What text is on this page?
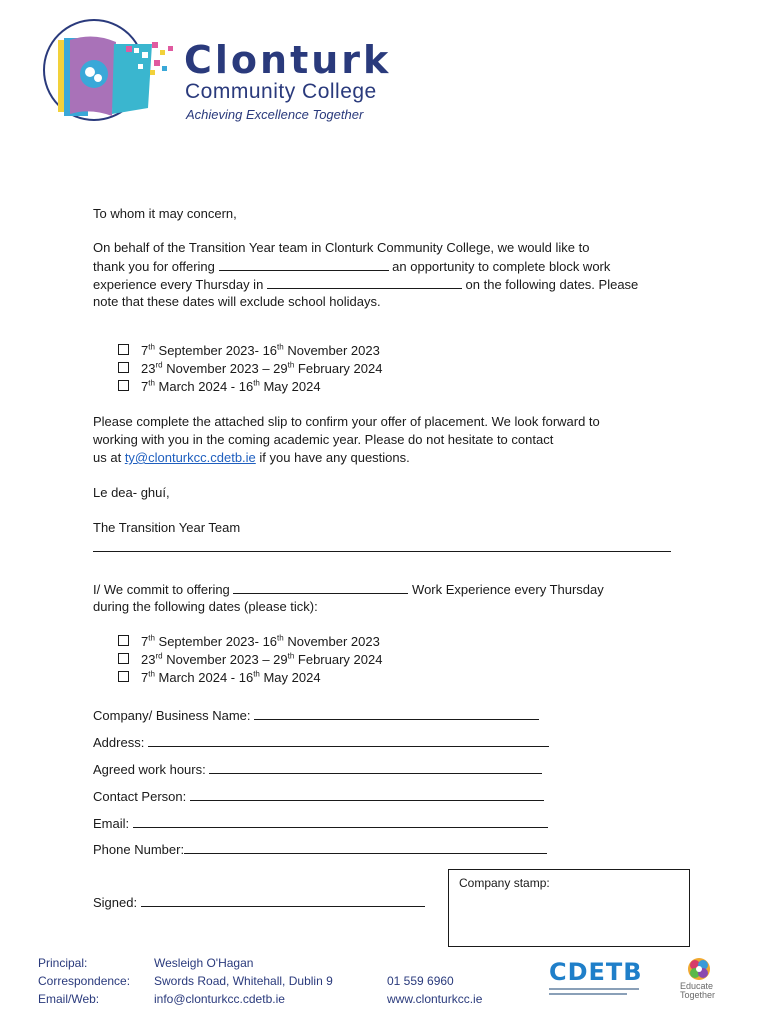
Clonturk
Community College
Achieving Excellence Together
To whom it may concern,
On behalf of the Transition Year team in Clonturk Community College, we would like to
thank you for offering	an opportunity to complete block work
experience every Thursday in	on the following dates. Please
note that these dates will exclude school holidays.
7th September 2023- 16th November 2023
23rd November 2023 – 29th February 2024
7th March 2024 - 16th May 2024
Please complete the attached slip to confirm your offer of placement. We look forward to
working with you in the coming academic year. Please do not hesitate to contact
us at ty@clonturkcc.cdetb.ie if you have any questions.
Le dea- ghuí,
The Transition Year Team
I/ We commit to offering	Work Experience every Thursday
during the following dates (please tick):
7th September 2023- 16th November 2023
23rd November 2023 – 29th February 2024
7th March 2024 - 16th May 2024
Company/ Business Name:
Address:
Agreed work hours:
Contact Person:
Email:
Phone Number:
Signed:
Company stamp:
Principal:	Wesleigh O'Hagan
Correspondence: Swords Road, Whitehall, Dublin 9	01 559 6960
Email/Web:	info@clonturkcc.cdetb.ie	www.clonturkcc.ie
CDETB	Educate Together
